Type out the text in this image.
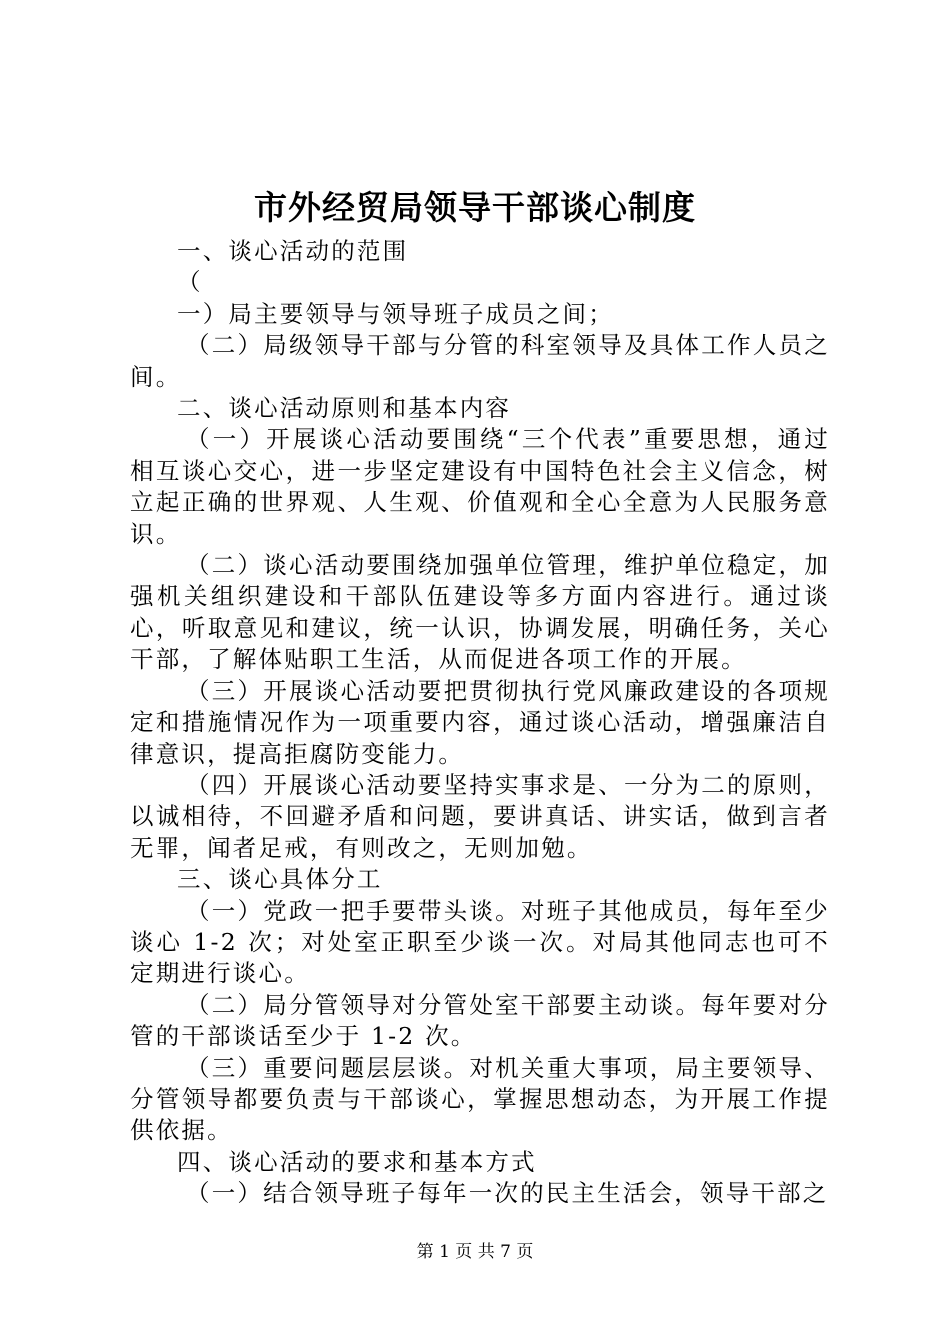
市外经贸局领导干部谈心制度

一、谈心活动的范围

（

一）局主要领导与领导班子成员之间；

（二）局级领导干部与分管的科室领导及具体工作人员之间。

二、谈心活动原则和基本内容

（一）开展谈心活动要围绕“三个代表”重要思想，通过相互谈心交心，进一步坚定建设有中国特色社会主义信念，树立起正确的世界观、人生观、价值观和全心全意为人民服务意识。

（二）谈心活动要围绕加强单位管理，维护单位稳定，加强机关组织建设和干部队伍建设等多方面内容进行。通过谈心，听取意见和建议，统一认识，协调发展，明确任务，关心干部，了解体贴职工生活，从而促进各项工作的开展。

（三）开展谈心活动要把贯彻执行党风廉政建设的各项规定和措施情况作为一项重要内容，通过谈心活动，增强廉洁自律意识，提高拒腐防变能力。

（四）开展谈心活动要坚持实事求是、一分为二的原则，以诚相待，不回避矛盾和问题，要讲真话、讲实话，做到言者无罪，闻者足戒，有则改之，无则加勉。

三、谈心具体分工

（一）党政一把手要带头谈。对班子其他成员，每年至少谈心 1-2 次；对处室正职至少谈一次。对局其他同志也可不定期进行谈心。

（二）局分管领导对分管处室干部要主动谈。每年要对分管的干部谈话至少于 1-2 次。

（三）重要问题层层谈。对机关重大事项，局主要领导、分管领导都要负责与干部谈心，掌握思想动态，为开展工作提供依据。

四、谈心活动的要求和基本方式

（一）结合领导班子每年一次的民主生活会，领导干部之

第 1 页 共 7 页
